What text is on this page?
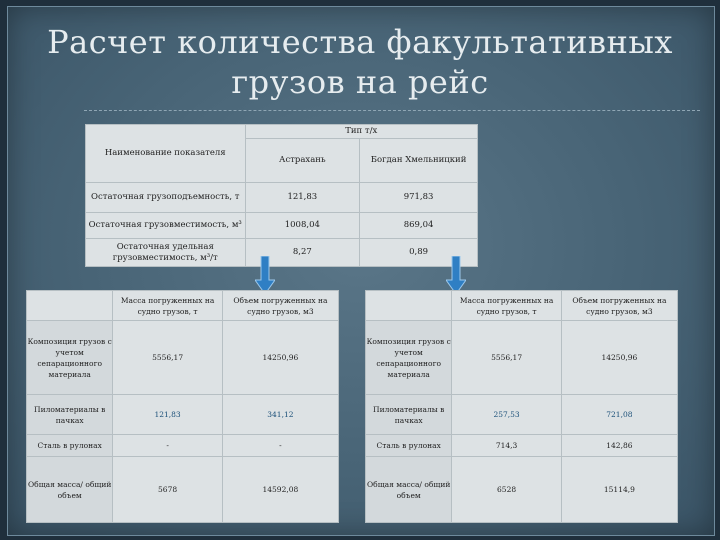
Расчет количества факультативных
грузов на рейс
Наименование показателя	Тип т/х	
	Астрахань	Богдан Хмельницкий
Остаточная грузоподъемность, т	121,83	971,83
Остаточная грузовместимость, м³	1008,04	869,04
Остаточная удельная грузовместимость, м³/т	8,27	0,89
	Масса погруженных на судно грузов, т	Объем погруженных на судно грузов, м3
Композиция грузов с учетом сепарационного материала	5556,17	14250,96
Пиломатериалы в пачках	121,83	341,12
Сталь в рулонах	-	-
Общая масса/ общий объем	5678	14592,08
	Масса погруженных на судно грузов, т	Объем погруженных на судно грузов, м3
Композиция грузов с учетом сепарационного материала	5556,17	14250,96
Пиломатериалы в пачках	257,53	721,08
Сталь в рулонах	714,3	142,86
Общая масса/ общий объем	6528	15114,9
